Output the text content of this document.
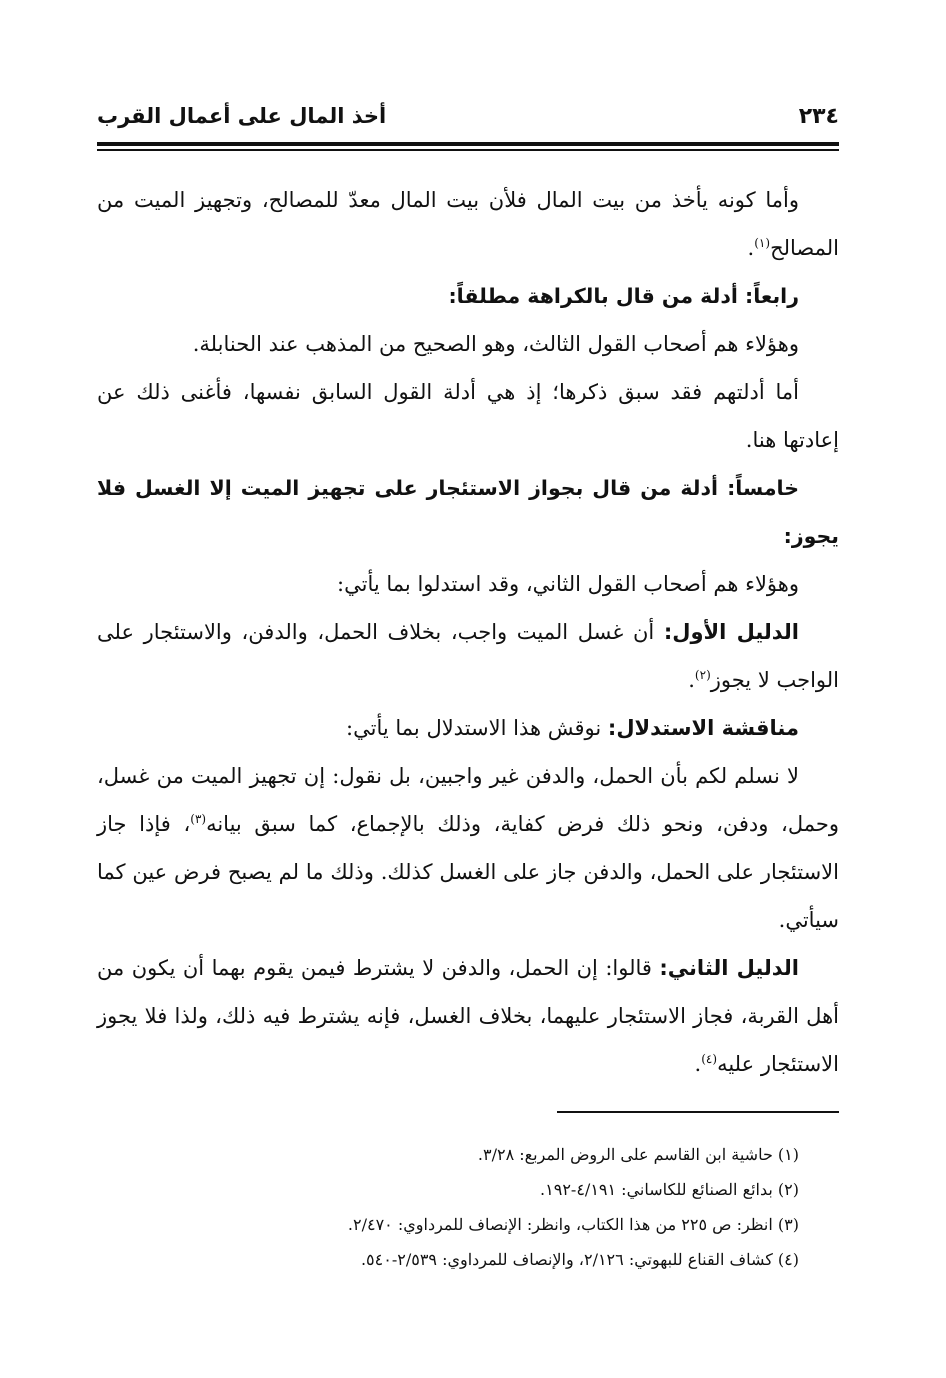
٢٣٤
أخذ المال على أعمال القرب

وأما كونه يأخذ من بيت المال فلأن بيت المال معدّ للمصالح، وتجهيز الميت من المصالح$^{(١)}$.

رابعاً: أدلة من قال بالكراهة مطلقاً:

وهؤلاء هم أصحاب القول الثالث، وهو الصحيح من المذهب عند الحنابلة.

أما أدلتهم فقد سبق ذكرها؛ إذ هي أدلة القول السابق نفسها، فأغنى ذلك عن إعادتها هنا.

خامساً: أدلة من قال بجواز الاستئجار على تجهيز الميت إلا الغسل فلا يجوز:

وهؤلاء هم أصحاب القول الثاني، وقد استدلوا بما يأتي:

الدليل الأول: أن غسل الميت واجب، بخلاف الحمل، والدفن، والاستئجار على الواجب لا يجوز$^{(٢)}$.

مناقشة الاستدلال: نوقش هذا الاستدلال بما يأتي:

لا نسلم لكم بأن الحمل، والدفن غير واجبين، بل نقول: إن تجهيز الميت من غسل، وحمل، ودفن، ونحو ذلك فرض كفاية، وذلك بالإجماع، كما سبق بيانه$^{(٣)}$، فإذا جاز الاستئجار على الحمل، والدفن جاز على الغسل كذلك. وذلك ما لم يصبح فرض عين كما سيأتي.

الدليل الثاني: قالوا: إن الحمل، والدفن لا يشترط فيمن يقوم بهما أن يكون من أهل القربة، فجاز الاستئجار عليهما، بخلاف الغسل، فإنه يشترط فيه ذلك، ولذا فلا يجوز الاستئجار عليه$^{(٤)}$.

(١) حاشية ابن القاسم على الروض المربع: ٣/٢٨.

(٢) بدائع الصنائع للكاساني: ٤/١٩١-١٩٢.

(٣) انظر: ص ٢٢٥ من هذا الكتاب، وانظر: الإنصاف للمرداوي: ٢/٤٧٠.

(٤) كشاف القناع للبهوتي: ٢/١٢٦، والإنصاف للمرداوي: ٢/٥٣٩-٥٤٠.
